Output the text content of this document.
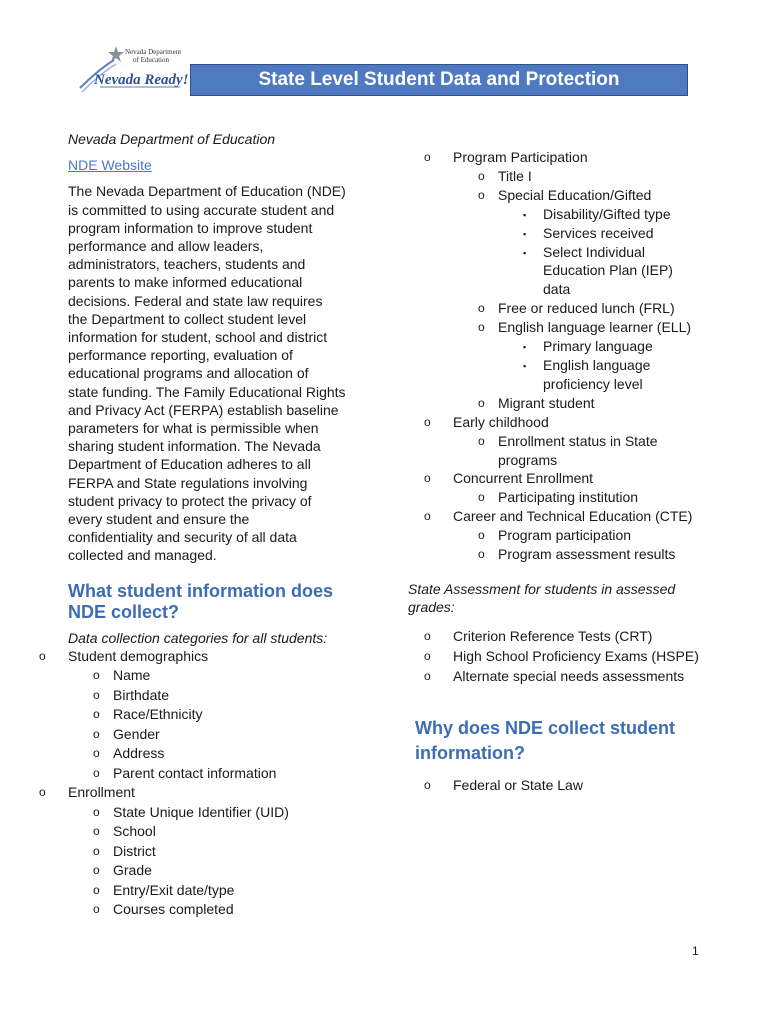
Nevada Department
of Education
Nevada Ready!	State Level Student Data and Protection
Nevada Department of Education
NDE Website
The Nevada Department of Education (NDE)
is committed to using accurate student and
program information to improve student
performance and allow leaders,
administrators, teachers, students and
parents to make informed educational
decisions. Federal and state law requires
the Department to collect student level
information for student, school and district
performance reporting, evaluation of
educational programs and allocation of
state funding. The Family Educational Rights
and Privacy Act (FERPA) establish baseline
parameters for what is permissible when
sharing student information. The Nevada
Department of Education adheres to all
FERPA and State regulations involving
student privacy to protect the privacy of
every student and ensure the
confidentiality and security of all data
collected and managed.
What student information does
NDE collect?
Data collection categories for all students:
o Student demographics
o Name
o Birthdate
o Race/Ethnicity
o Gender
o Address
o Parent contact information
o Enrollment
o State Unique Identifier (UID)
o School
o District
o Grade
o Entry/Exit date/type
o Courses completed
o Program Participation
o Title I
o Special Education/Gifted
▪ Disability/Gifted type
▪ Services received
▪ Select Individual
Education Plan (IEP)
data
o Free or reduced lunch (FRL)
o English language learner (ELL)
▪ Primary language
▪ English language
proficiency level
o Migrant student
o Early childhood
o Enrollment status in State
programs
o Concurrent Enrollment
o Participating institution
o Career and Technical Education (CTE)
o Program participation
o Program assessment results
State Assessment for students in assessed
grades:
o Criterion Reference Tests (CRT)
o High School Proficiency Exams (HSPE)
o Alternate special needs assessments
Why does NDE collect student
information?
o Federal or State Law
1
